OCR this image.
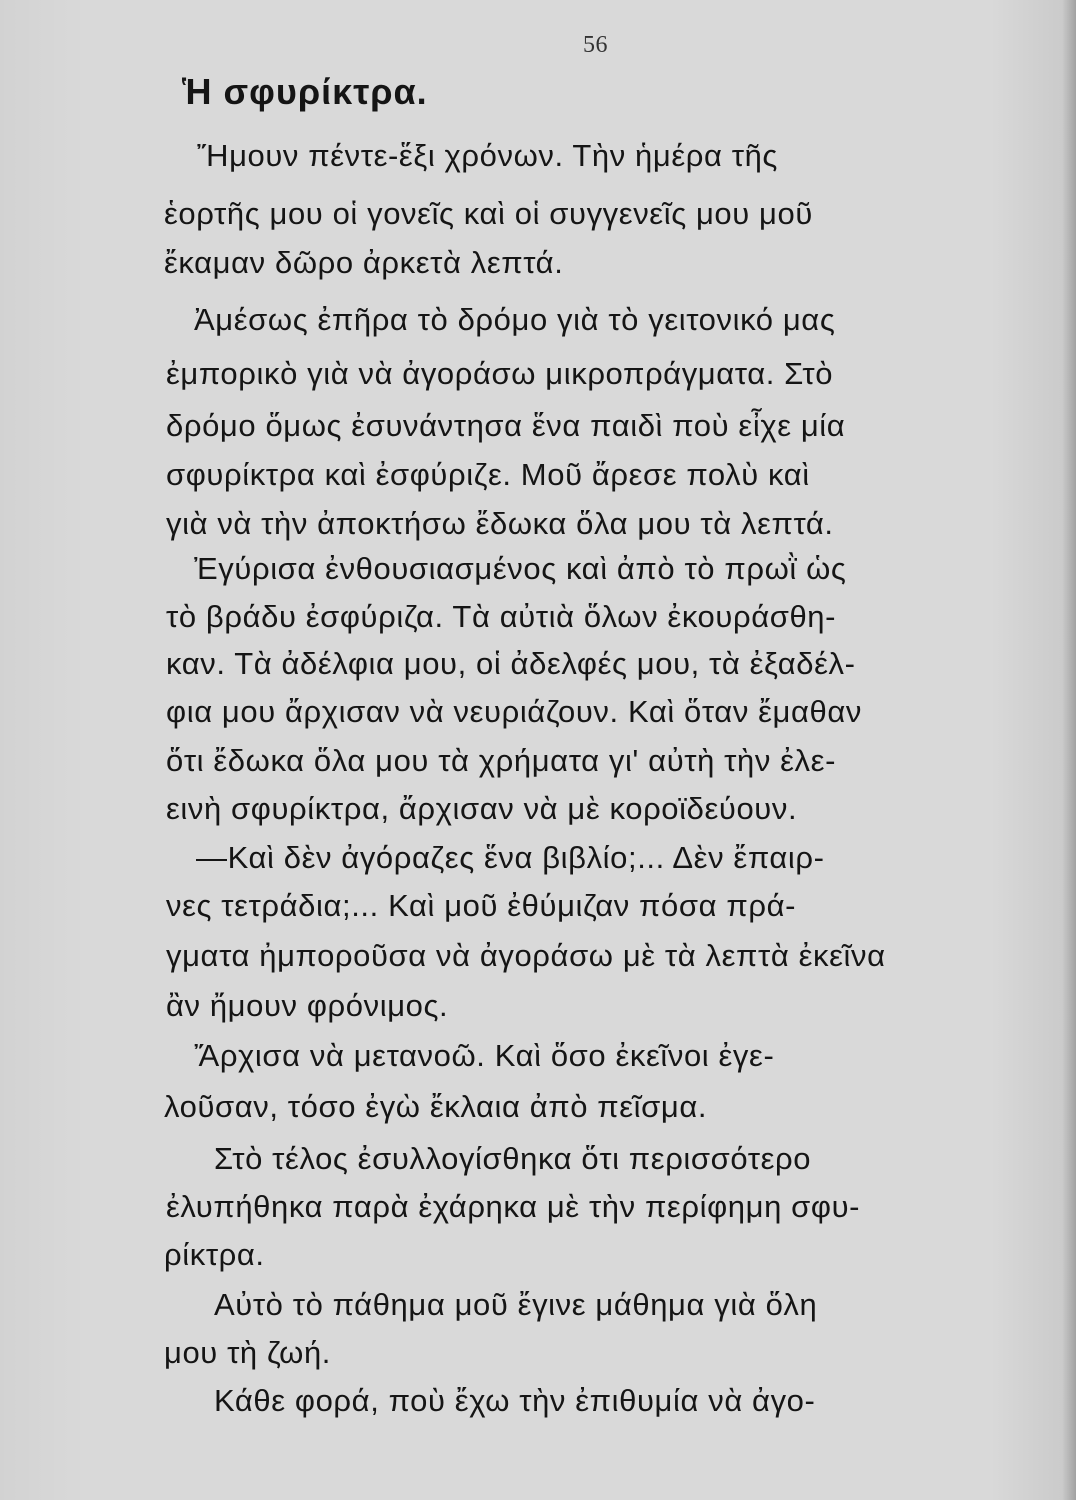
56
Ἡ σφυρίκτρα.
Ἤμουν πέντε-ἕξι χρόνων. Τὴν ἡμέρα τῆς
ἑορτῆς μου οἱ γονεῖς καὶ οἱ συγγενεῖς μου μοῦ
ἔκαμαν δῶρο ἀρκετὰ λεπτά.
Ἀμέσως ἐπῆρα τὸ δρόμο γιὰ τὸ γειτονικό μας
ἐμπορικὸ γιὰ νὰ ἀγοράσω μικροπράγματα. Στὸ
δρόμο ὅμως ἐσυνάντησα ἕνα παιδὶ ποὺ εἶχε μία
σφυρίκτρα καὶ ἐσφύριζε. Μοῦ ἄρεσε πολὺ καὶ
γιὰ νὰ τὴν ἀποκτήσω ἔδωκα ὅλα μου τὰ λεπτά.
Ἐγύρισα ἐνθουσιασμένος καὶ ἀπὸ τὸ πρωῒ ὡς
τὸ βράδυ ἐσφύριζα. Τὰ αὐτιὰ ὅλων ἐκουράσθη-
καν. Τὰ ἀδέλφια μου, οἱ ἀδελφές μου, τὰ ἐξαδέλ-
φια μου ἄρχισαν νὰ νευριάζουν. Καὶ ὅταν ἔμαθαν
ὅτι ἔδωκα ὅλα μου τὰ χρήματα γι' αὐτὴ τὴν ἐλε-
εινὴ σφυρίκτρα, ἄρχισαν νὰ μὲ κοροϊδεύουν.
—Καὶ δὲν ἀγόραζες ἕνα βιβλίο;... Δὲν ἔπαιρ-
νες τετράδια;... Καὶ μοῦ ἐθύμιζαν πόσα πρά-
γματα ἠμποροῦσα νὰ ἀγοράσω μὲ τὰ λεπτὰ ἐκεῖνα
ἂν ἤμουν φρόνιμος.
Ἄρχισα νὰ μετανοῶ. Καὶ ὅσο ἐκεῖνοι ἐγε-
λοῦσαν, τόσο ἐγὼ ἔκλαια ἀπὸ πεῖσμα.
Στὸ τέλος ἐσυλλογίσθηκα ὅτι περισσότερο
ἐλυπήθηκα παρὰ ἐχάρηκα μὲ τὴν περίφημη σφυ-
ρίκτρα.
Αὐτὸ τὸ πάθημα μοῦ ἔγινε μάθημα γιὰ ὅλη
μου τὴ ζωή.
Κάθε φορά, ποὺ ἔχω τὴν ἐπιθυμία νὰ ἀγο-
